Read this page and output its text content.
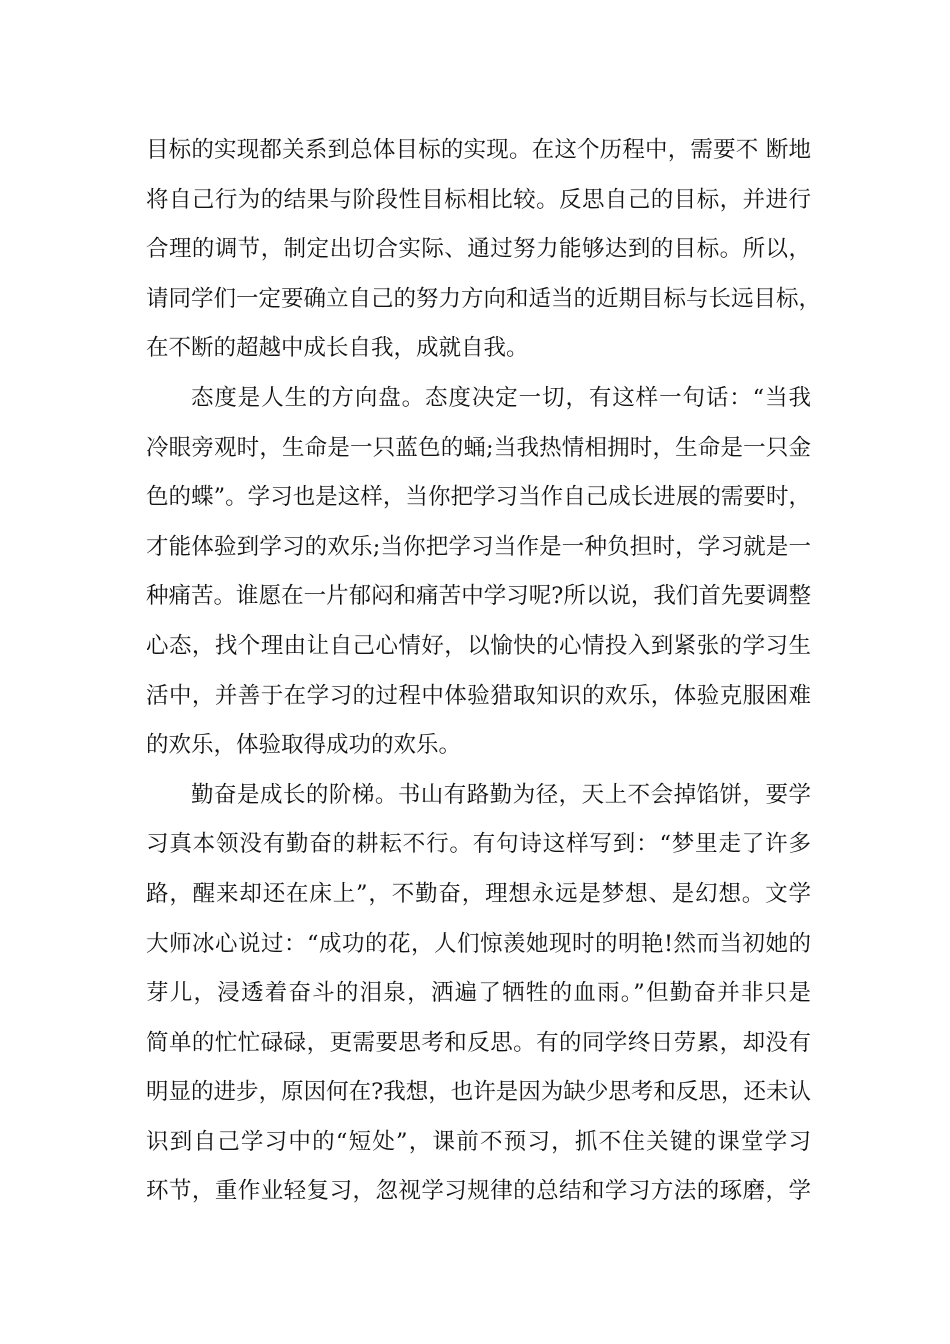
目标的实现都关系到总体目标的实现。在这个历程中，需要不 断地
将自己行为的结果与阶段性目标相比较。反思自己的目标，并进行
合理的调节，制定出切合实际、通过努力能够达到的目标。所以，
请同学们一定要确立自己的努力方向和适当的近期目标与长远目标，
在不断的超越中成长自我，成就自我。
态度是人生的方向盘。态度决定一切，有这样一句话：“当我
冷眼旁观时，生命是一只蓝色的蛹;当我热情相拥时，生命是一只金
色的蝶”。学习也是这样，当你把学习当作自己成长进展的需要时，
才能体验到学习的欢乐;当你把学习当作是一种负担时，学习就是一
种痛苦。谁愿在一片郁闷和痛苦中学习呢?所以说，我们首先要调整
心态，找个理由让自己心情好，以愉快的心情投入到紧张的学习生
活中，并善于在学习的过程中体验猎取知识的欢乐，体验克服困难
的欢乐，体验取得成功的欢乐。
勤奋是成长的阶梯。书山有路勤为径，天上不会掉馅饼，要学
习真本领没有勤奋的耕耘不行。有句诗这样写到：“梦里走了许多
路，醒来却还在床上”，不勤奋，理想永远是梦想、是幻想。文学
大师冰心说过：“成功的花，人们惊羡她现时的明艳!然而当初她的
芽儿，浸透着奋斗的泪泉，洒遍了牺牲的血雨。”但勤奋并非只是
简单的忙忙碌碌，更需要思考和反思。有的同学终日劳累，却没有
明显的进步，原因何在?我想，也许是因为缺少思考和反思，还未认
识到自己学习中的“短处”，课前不预习，抓不住关键的课堂学习
环节，重作业轻复习，忽视学习规律的总结和学习方法的琢磨，学
